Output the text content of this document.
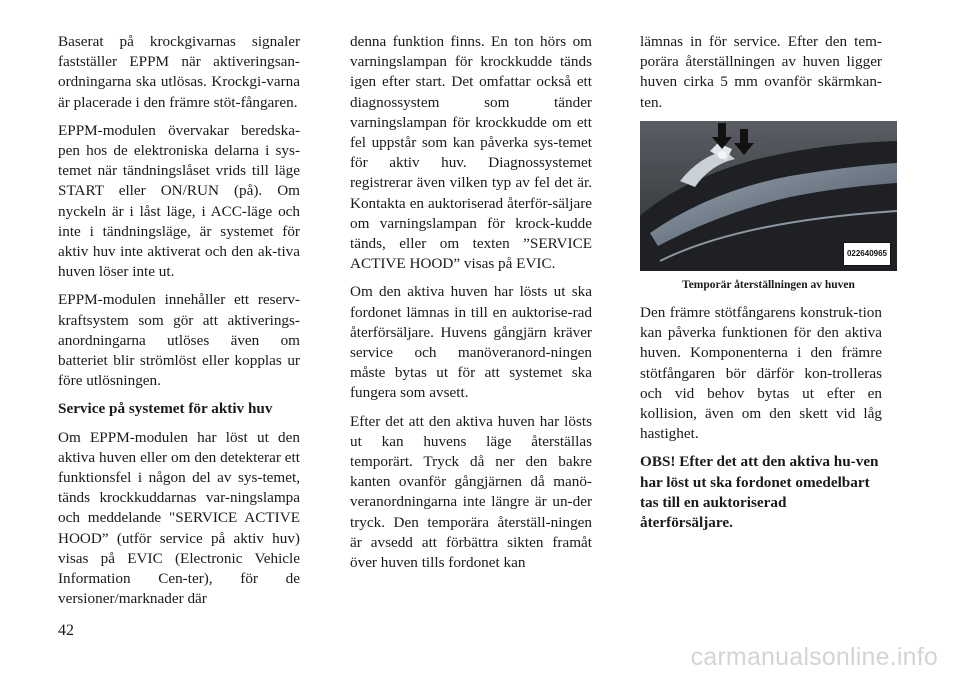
Baserat på krockgivarnas signaler fastställer EPPM när aktiveringsan-ordningarna ska utlösas. Krockgi-varna är placerade i den främre stöt-fångaren.

EPPM-modulen övervakar beredska-pen hos de elektroniska delarna i sys-temet när tändningslåset vrids till läge START eller ON/RUN (på). Om nyckeln är i låst läge, i ACC-läge och inte i tändningsläge, är systemet för aktiv huv inte aktiverat och den ak-tiva huven löser inte ut.

EPPM-modulen innehåller ett reserv-kraftsystem som gör att aktiverings-anordningarna utlöses även om batteriet blir strömlöst eller kopplas ur före utlösningen.

Service på systemet för aktiv huv

Om EPPM-modulen har löst ut den aktiva huven eller om den detekterar ett funktionsfel i någon del av sys-temet, tänds krockkuddarnas var-ningslampa och meddelande "SERVICE ACTIVE HOOD” (utför service på aktiv huv) visas på EVIC (Electronic Vehicle Information Cen-ter), för de versioner/marknader där

denna funktion finns. En ton hörs om varningslampan för krockkudde tänds igen efter start. Det omfattar också ett diagnossystem som tänder varningslampan för krockkudde om ett fel uppstår som kan påverka sys-temet för aktiv huv. Diagnossystemet registrerar även vilken typ av fel det är. Kontakta en auktoriserad återför-säljare om varningslampan för krock-kudde tänds, eller om texten ”SERVICE ACTIVE HOOD” visas på EVIC.

Om den aktiva huven har lösts ut ska fordonet lämnas in till en auktorise-rad återförsäljare. Huvens gångjärn kräver service och manöveranord-ningen måste bytas ut för att systemet ska fungera som avsett.

Efter det att den aktiva huven har lösts ut kan huvens läge återställas temporärt. Tryck då ner den bakre kanten ovanför gångjärnen då manö-veranordningarna inte längre är un-der tryck. Den temporära återställ-ningen är avsedd att förbättra sikten framåt över huven tills fordonet kan

lämnas in för service. Efter den tem-porära återställningen av huven ligger huven cirka 5 mm ovanför skärmkan-ten.

022640965
Temporär återställningen av huven

Den främre stötfångarens konstruk-tion kan påverka funktionen för den aktiva huven. Komponenterna i den främre stötfångaren bör därför kon-trolleras och vid behov bytas ut efter en kollision, även om den skett vid låg hastighet.

OBS! Efter det att den aktiva hu-ven har löst ut ska fordonet omedelbart tas till en auktoriserad återförsäljare.

42
carmanualsonline.info
